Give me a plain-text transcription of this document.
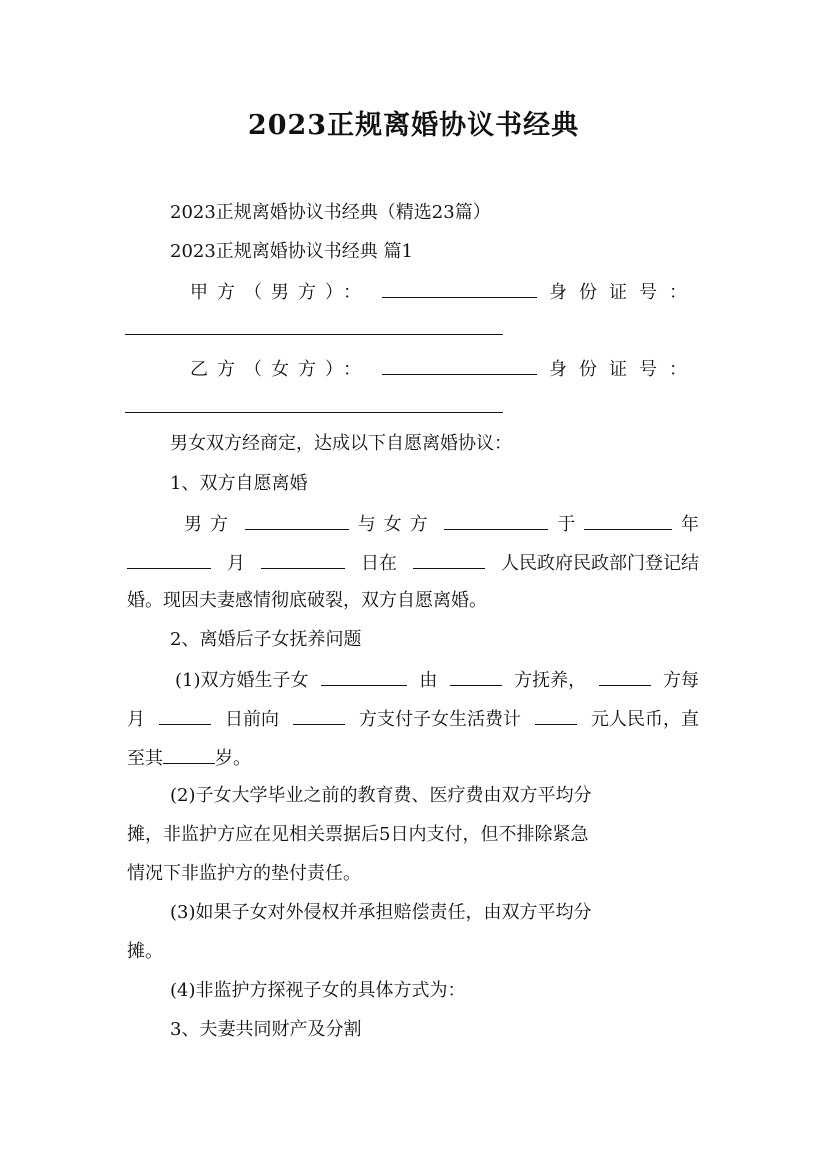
2023正规离婚协议书经典
2023正规离婚协议书经典（精选23篇）
2023正规离婚协议书经典 篇1
甲方（男方）：	身份证号：
乙方（女方）：	身份证号：
男女双方经商定，达成以下自愿离婚协议：
1、双方自愿离婚
男方	与女方	于	年
月	日在	人民政府民政部门登记结
婚。现因夫妻感情彻底破裂，双方自愿离婚。
2、离婚后子女抚养问题
(1)双方婚生子女	由	方抚养，	方每
月	日前向	方支付子女生活费计	元人民币，直
至其	岁。
(2)子女大学毕业之前的教育费、医疗费由双方平均分
摊，非监护方应在见相关票据后5日内支付，但不排除紧急
情况下非监护方的垫付责任。
(3)如果子女对外侵权并承担赔偿责任，由双方平均分
摊。
(4)非监护方探视子女的具体方式为：
3、夫妻共同财产及分割
